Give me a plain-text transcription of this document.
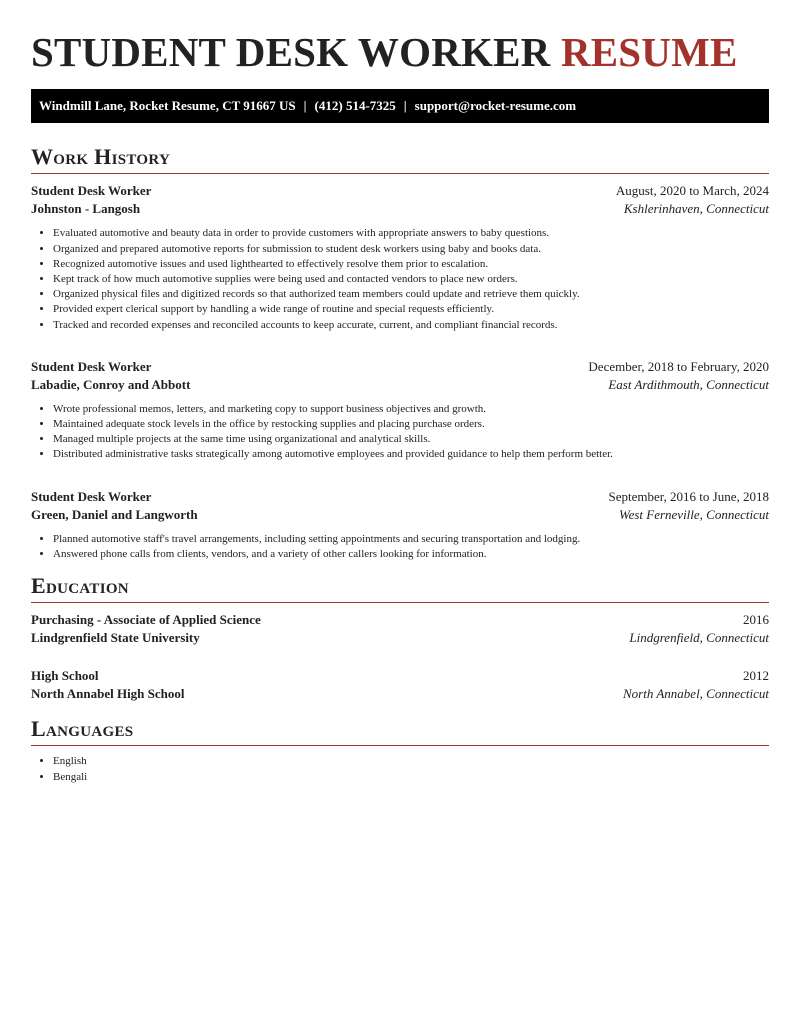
STUDENT DESK WORKER RESUME
Windmill Lane, Rocket Resume, CT 91667 US | (412) 514-7325 | support@rocket-resume.com
Work History
Student Desk Worker	August, 2020 to March, 2024
Johnston - Langosh	Kshlerinhaven, Connecticut
• Evaluated automotive and beauty data in order to provide customers with appropriate answers to baby questions.
• Organized and prepared automotive reports for submission to student desk workers using baby and books data.
• Recognized automotive issues and used lighthearted to effectively resolve them prior to escalation.
• Kept track of how much automotive supplies were being used and contacted vendors to place new orders.
• Organized physical files and digitized records so that authorized team members could update and retrieve them quickly.
• Provided expert clerical support by handling a wide range of routine and special requests efficiently.
• Tracked and recorded expenses and reconciled accounts to keep accurate, current, and compliant financial records.
Student Desk Worker	December, 2018 to February, 2020
Labadie, Conroy and Abbott	East Ardithmouth, Connecticut
• Wrote professional memos, letters, and marketing copy to support business objectives and growth.
• Maintained adequate stock levels in the office by restocking supplies and placing purchase orders.
• Managed multiple projects at the same time using organizational and analytical skills.
• Distributed administrative tasks strategically among automotive employees and provided guidance to help them perform better.
Student Desk Worker	September, 2016 to June, 2018
Green, Daniel and Langworth	West Ferneville, Connecticut
• Planned automotive staff's travel arrangements, including setting appointments and securing transportation and lodging.
• Answered phone calls from clients, vendors, and a variety of other callers looking for information.
Education
Purchasing - Associate of Applied Science	2016
Lindgrenfield State University	Lindgrenfield, Connecticut
High School	2012
North Annabel High School	North Annabel, Connecticut
Languages
• English
• Bengali
